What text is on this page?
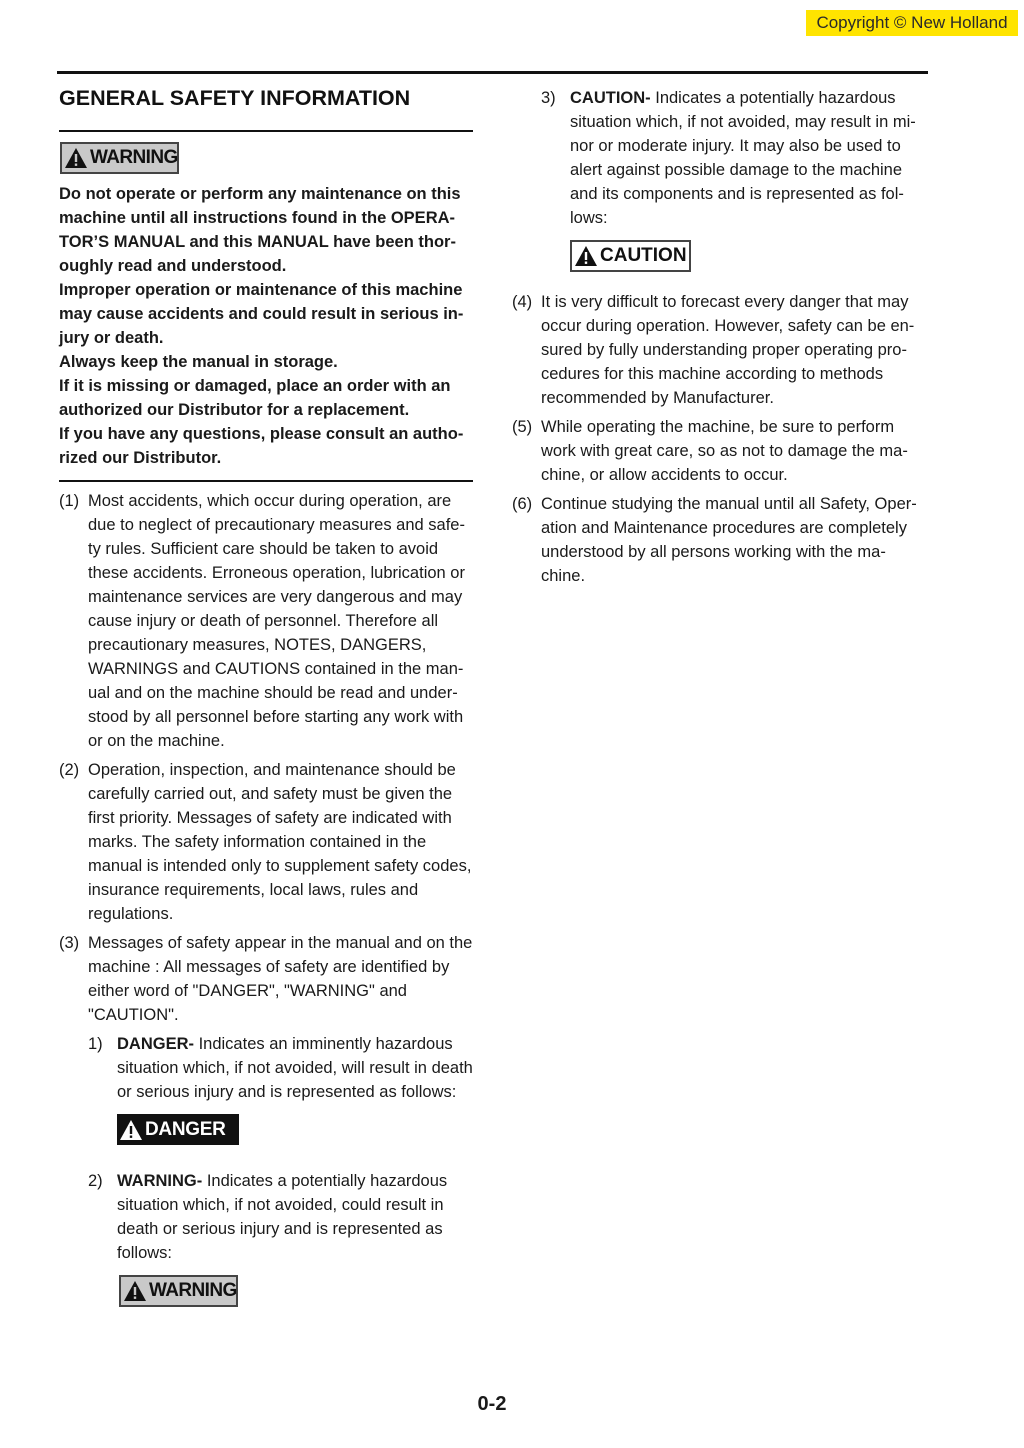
Copyright © New Holland
GENERAL SAFETY INFORMATION
WARNING

Do not operate or perform any maintenance on this machine until all instructions found in the OPERA-TOR’S MANUAL and this MANUAL have been thor-oughly read and understood.

Improper operation or maintenance of this machine may cause accidents and could result in serious in-jury or death.

Always keep the manual in storage.

If it is missing or damaged, place an order with an authorized our Distributor for a replacement.

If you have any questions, please consult an autho-rized our Distributor.

(1) Most accidents, which occur during operation, are due to neglect of precautionary measures and safe-ty rules. Sufficient care should be taken to avoid these accidents. Erroneous operation, lubrication or maintenance services are very dangerous and may cause injury or death of personnel. Therefore all precautionary measures, NOTES, DANGERS, WARNINGS and CAUTIONS contained in the man-ual and on the machine should be read and under-stood by all personnel before starting any work with or on the machine.
(2) Operation, inspection, and maintenance should be carefully carried out, and safety must be given the first priority. Messages of safety are indicated with marks. The safety information contained in the manual is intended only to supplement safety codes, insurance requirements, local laws, rules and regulations.
(3) Messages of safety appear in the manual and on the machine : All messages of safety are identified by either word of "DANGER", "WARNING" and "CAUTION".
1) DANGER- Indicates an imminently hazardous situation which, if not avoided, will result in death or serious injury and is represented as follows:
DANGER
2) WARNING- Indicates a potentially hazardous situation which, if not avoided, could result in death or serious injury and is represented as follows:
WARNING
3) CAUTION- Indicates a potentially hazardous situation which, if not avoided, may result in mi-nor or moderate injury. It may also be used to alert against possible damage to the machine and its components and is represented as fol-lows:
CAUTION
(4) It is very difficult to forecast every danger that may occur during operation. However, safety can be en-sured by fully understanding proper operating pro-cedures for this machine according to methods recommended by Manufacturer.
(5) While operating the machine, be sure to perform work with great care, so as not to damage the ma-chine, or allow accidents to occur.
(6) Continue studying the manual until all Safety, Oper-ation and Maintenance procedures are completely understood by all persons working with the ma-chine.
0-2
